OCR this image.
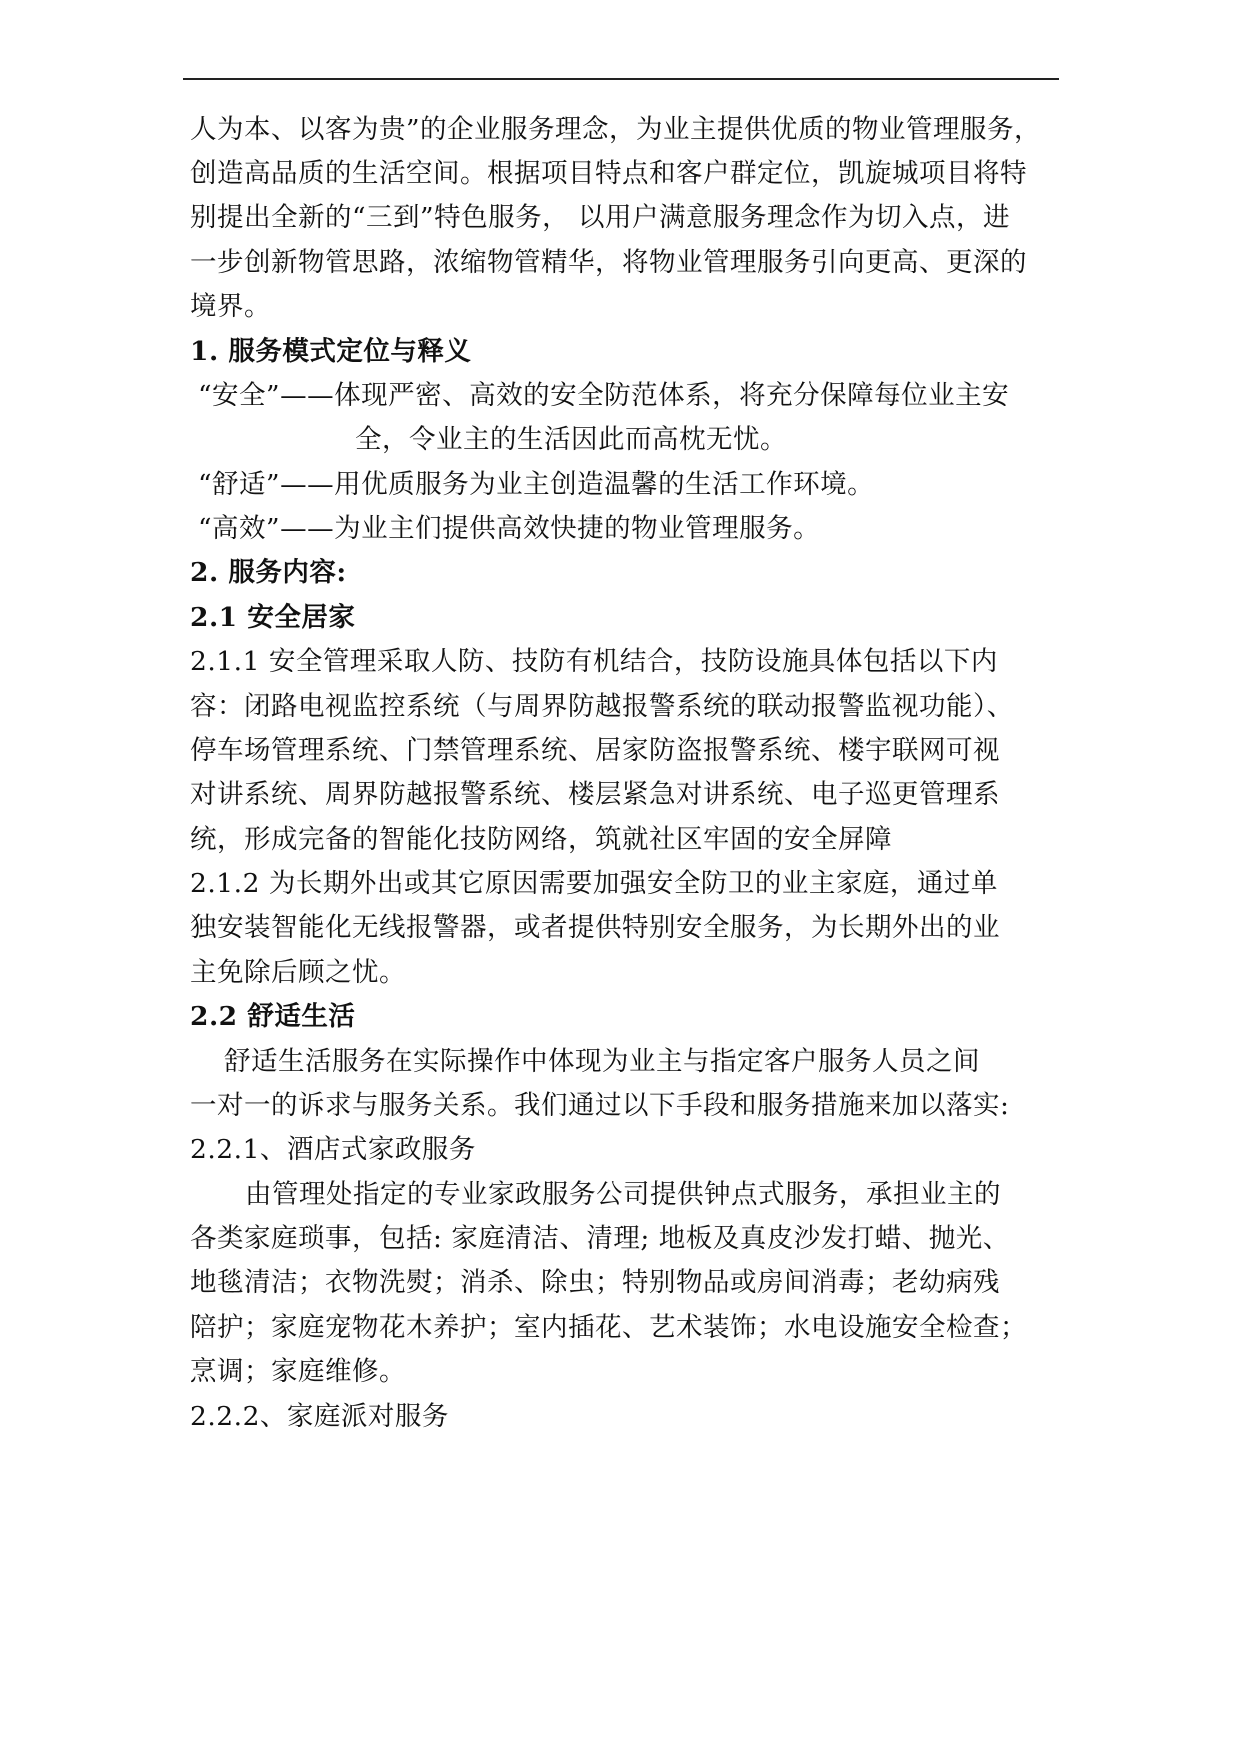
人为本、以客为贵”的企业服务理念，为业主提供优质的物业管理服务，
创造高品质的生活空间。根据项目特点和客户群定位，凯旋城项目将特
别提出全新的“三到”特色服务， 以用户满意服务理念作为切入点，进
一步创新物管思路，浓缩物管精华，将物业管理服务引向更高、更深的
境界。
1. 服务模式定位与释义
“安全”——体现严密、高效的安全防范体系，将充分保障每位业主安
全，令业主的生活因此而高枕无忧。
“舒适”——用优质服务为业主创造温馨的生活工作环境。
“高效”——为业主们提供高效快捷的物业管理服务。
2. 服务内容:
2.1 安全居家
2.1.1 安全管理采取人防、技防有机结合，技防设施具体包括以下内
容：闭路电视监控系统（与周界防越报警系统的联动报警监视功能）、
停车场管理系统、门禁管理系统、居家防盗报警系统、楼宇联网可视
对讲系统、周界防越报警系统、楼层紧急对讲系统、电子巡更管理系
统，形成完备的智能化技防网络，筑就社区牢固的安全屏障
2.1.2 为长期外出或其它原因需要加强安全防卫的业主家庭，通过单
独安装智能化无线报警器，或者提供特别安全服务，为长期外出的业
主免除后顾之忧。
2.2 舒适生活
舒适生活服务在实际操作中体现为业主与指定客户服务人员之间
一对一的诉求与服务关系。我们通过以下手段和服务措施来加以落实:
2.2.1、酒店式家政服务
由管理处指定的专业家政服务公司提供钟点式服务，承担业主的
各类家庭琐事，包括: 家庭清洁、清理; 地板及真皮沙发打蜡、抛光、
地毯清洁；衣物洗熨；消杀、除虫；特别物品或房间消毒；老幼病残
陪护；家庭宠物花木养护；室内插花、艺术装饰；水电设施安全检查；
烹调；家庭维修。
2.2.2、家庭派对服务
